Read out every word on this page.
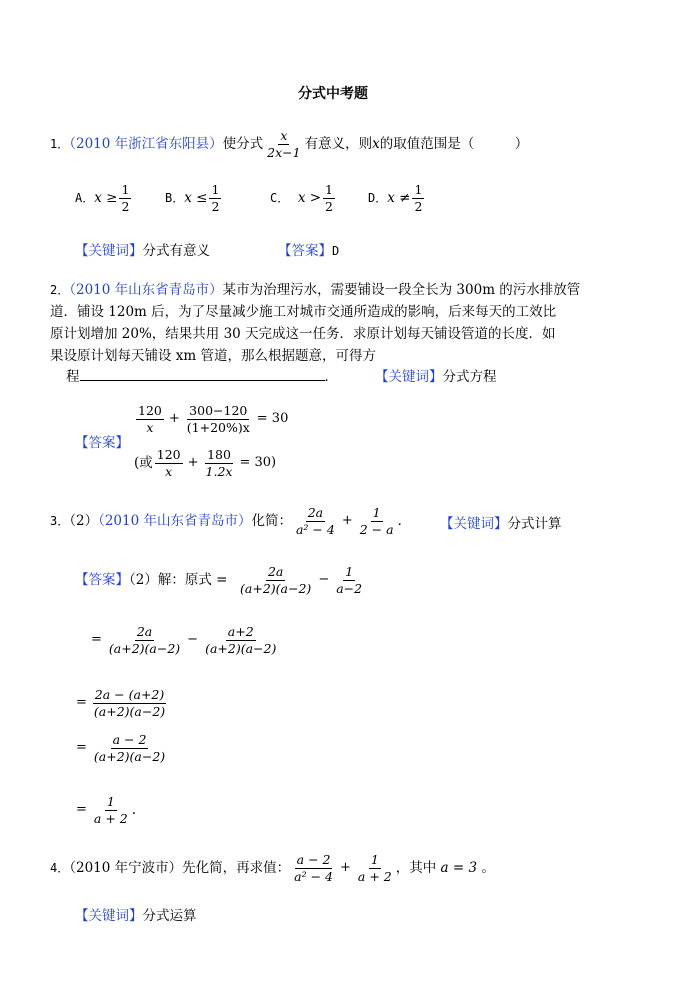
分式中考题
1．（2010 年浙江省东阳县）使分式 $\frac{x}{2x-1}$ 有意义，则x的取值范围是（　　　）
A．$x \ge \frac{1}{2}$	B．$x \le \frac{1}{2}$	C． $x > \frac{1}{2}$	D．$x \ne \frac{1}{2}$
【关键词】分式有意义	【答案】D
2．（2010 年山东省青岛市）某市为治理污水，需要铺设一段全长为 300m 的污水排放管
道．铺设 120m 后，为了尽量减少施工对城市交通所造成的影响，后来每天的工效比
原计划增加 20%，结果共用 30 天完成这一任务．求原计划每天铺设管道的长度．如
果设原计划每天铺设 xm 管道，那么根据题意，可得方
程	．	【关键词】分式方程
【答案】
$\frac{120}{x} + \frac{300-120}{(1+20\%)x} = 30$
(或 $\frac{120}{x} + \frac{180}{1.2x} = 30$)
3．（2）（2010 年山东省青岛市）化简： $\frac{2a}{\text{a² − 4}} + \frac{1}{2 - a}$ ． 【关键词】分式计算
【答案】（2）解：原式 = $\frac{2a}{(a+2)(a-2)} - \frac{1}{a-2}$
= $\frac{2a}{(a+2)(a-2)} - \frac{a+2}{(a+2)(a-2)}$
= $\frac{2a - (a+2)}{(a+2)(a-2)}$
= $\frac{a - 2}{(a+2)(a-2)}$
= $\frac{1}{a + 2}$ .
4．（2010 年宁波市）先化简，再求值： $\frac{a - 2}{\text{a² − 4}} + \frac{1}{a + 2}$ ，其中 a = 3 。
【关键词】分式运算
